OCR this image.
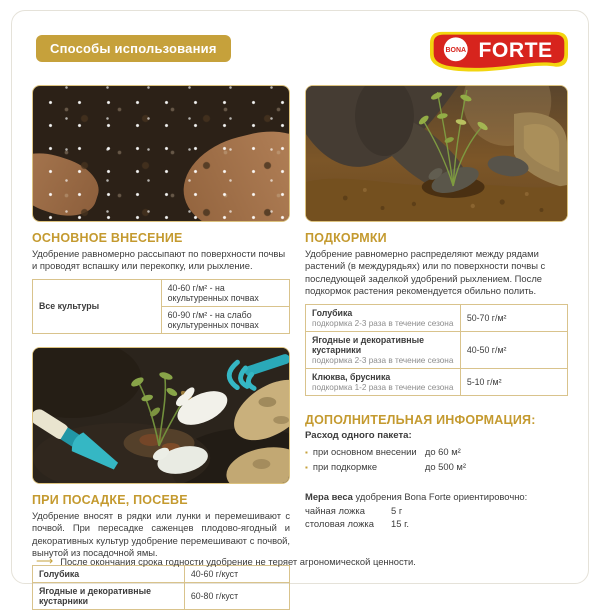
Способы использования	BONA FORTE
ОСНОВНОЕ ВНЕСЕНИЕ

Удобрение равномерно рассыпают по поверхности почвы и проводят вспашку или перекопку, или рыхление.

Все культуры	40-60 г/м² - на окультуренных почвах
60-90 г/м² - на слабо окультуренных почвах
ПРИ ПОСАДКЕ, ПОСЕВЕ

Удобрение вносят в рядки или лунки и перемешивают с почвой. При пересадке саженцев плодово-ягодный и декоративных культур удобрение перемешивают с почвой, вынутой из посадочной ямы.

Голубика	40-60 г/куст
Ягодные и декоративные кустарники	60-80 г/куст
ПОДКОРМКИ

Удобрение равномерно распределяют между рядами растений (в междурядьях) или по поверхности почвы с последующей заделкой удобрений рыхлением. После подкормок растения рекомендуется обильно полить.

Голубика
подкормка 2-3 раза в течение сезона	50-70 г/м²
Ягодные и декоративные кустарники
подкормка 2-3 раза в течение сезона	40-50 г/м²
Клюква, брусника
подкормка 1-2 раза в течение сезона	5-10 г/м²
ДОПОЛНИТЕЛЬНАЯ ИНФОРМАЦИЯ:
Расход одного пакета:
▪ при основном внесении до 60 м²
▪ при подкормке	до 500 м²
Мера веса удобрения Bona Forte ориентировочно:
чайная ложка	5 г
столовая ложка	15 г.
⟶ После окончания срока годности удобрение не теряет агрономической ценности.
